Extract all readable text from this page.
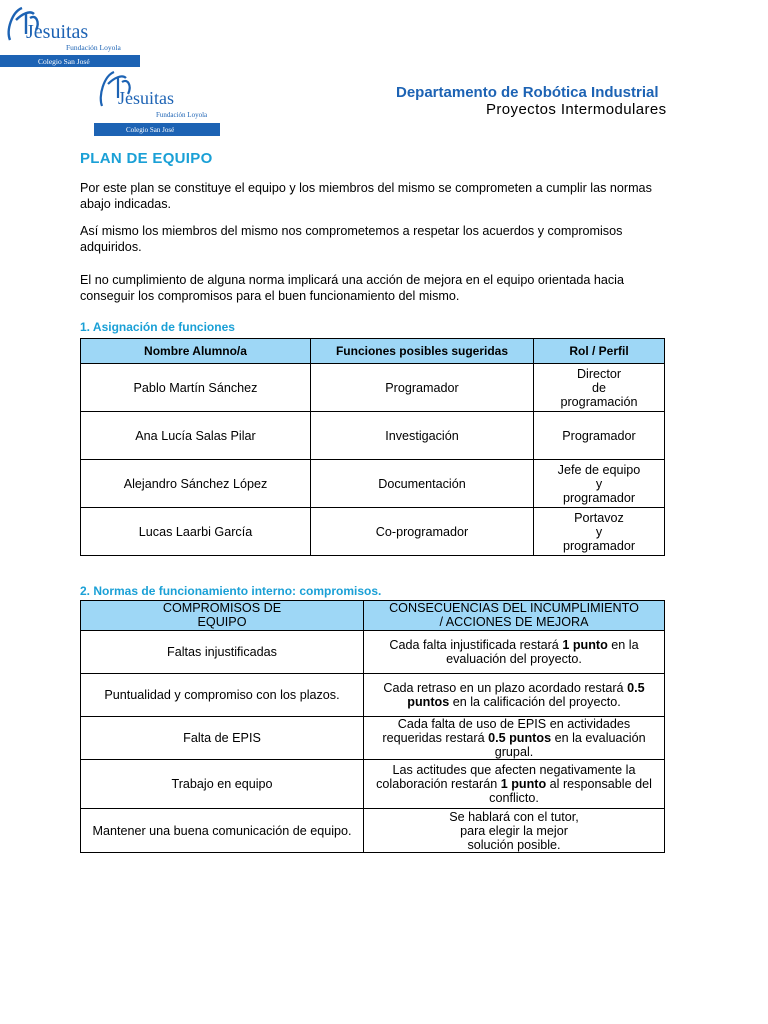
Jesuitas
Fundación Loyola
Colegio San José
Jesuitas
Fundación Loyola
Colegio San José
Departamento de Robótica Industrial
Proyectos Intermodulares
PLAN DE EQUIPO
Por este plan se constituye el equipo y los miembros del mismo se comprometen a cumplir las normas abajo indicadas.
Así mismo los miembros del mismo nos comprometemos a respetar los acuerdos y compromisos adquiridos.
El no cumplimiento de alguna norma implicará una acción de mejora en el equipo orientada hacia conseguir los compromisos para el buen funcionamiento del mismo.
1. Asignación de funciones
Nombre Alumno/a	Funciones posibles sugeridas	Rol / Perfil
Pablo Martín Sánchez	Programador	Director
de
programación
Ana Lucía Salas Pilar	Investigación	Programador
Alejandro Sánchez López	Documentación	Jefe de equipo
y
programador
Lucas Laarbi García	Co-programador	Portavoz
y
programador
2. Normas de funcionamiento interno: compromisos.
COMPROMISOS DE
EQUIPO	CONSECUENCIAS DEL INCUMPLIMIENTO
/ ACCIONES DE MEJORA
Faltas injustificadas	Cada falta injustificada restará 1 punto en la evaluación del proyecto.
Puntualidad y compromiso con los plazos.	Cada retraso en un plazo acordado restará 0.5 puntos en la calificación del proyecto.
Falta de EPIS	Cada falta de uso de EPIS en actividades requeridas restará 0.5 puntos en la evaluación grupal.
Trabajo en equipo	Las actitudes que afecten negativamente la colaboración restarán 1 punto al responsable del conflicto.
Mantener una buena comunicación de equipo.	Se hablará con el tutor,
para elegir la mejor
solución posible.
